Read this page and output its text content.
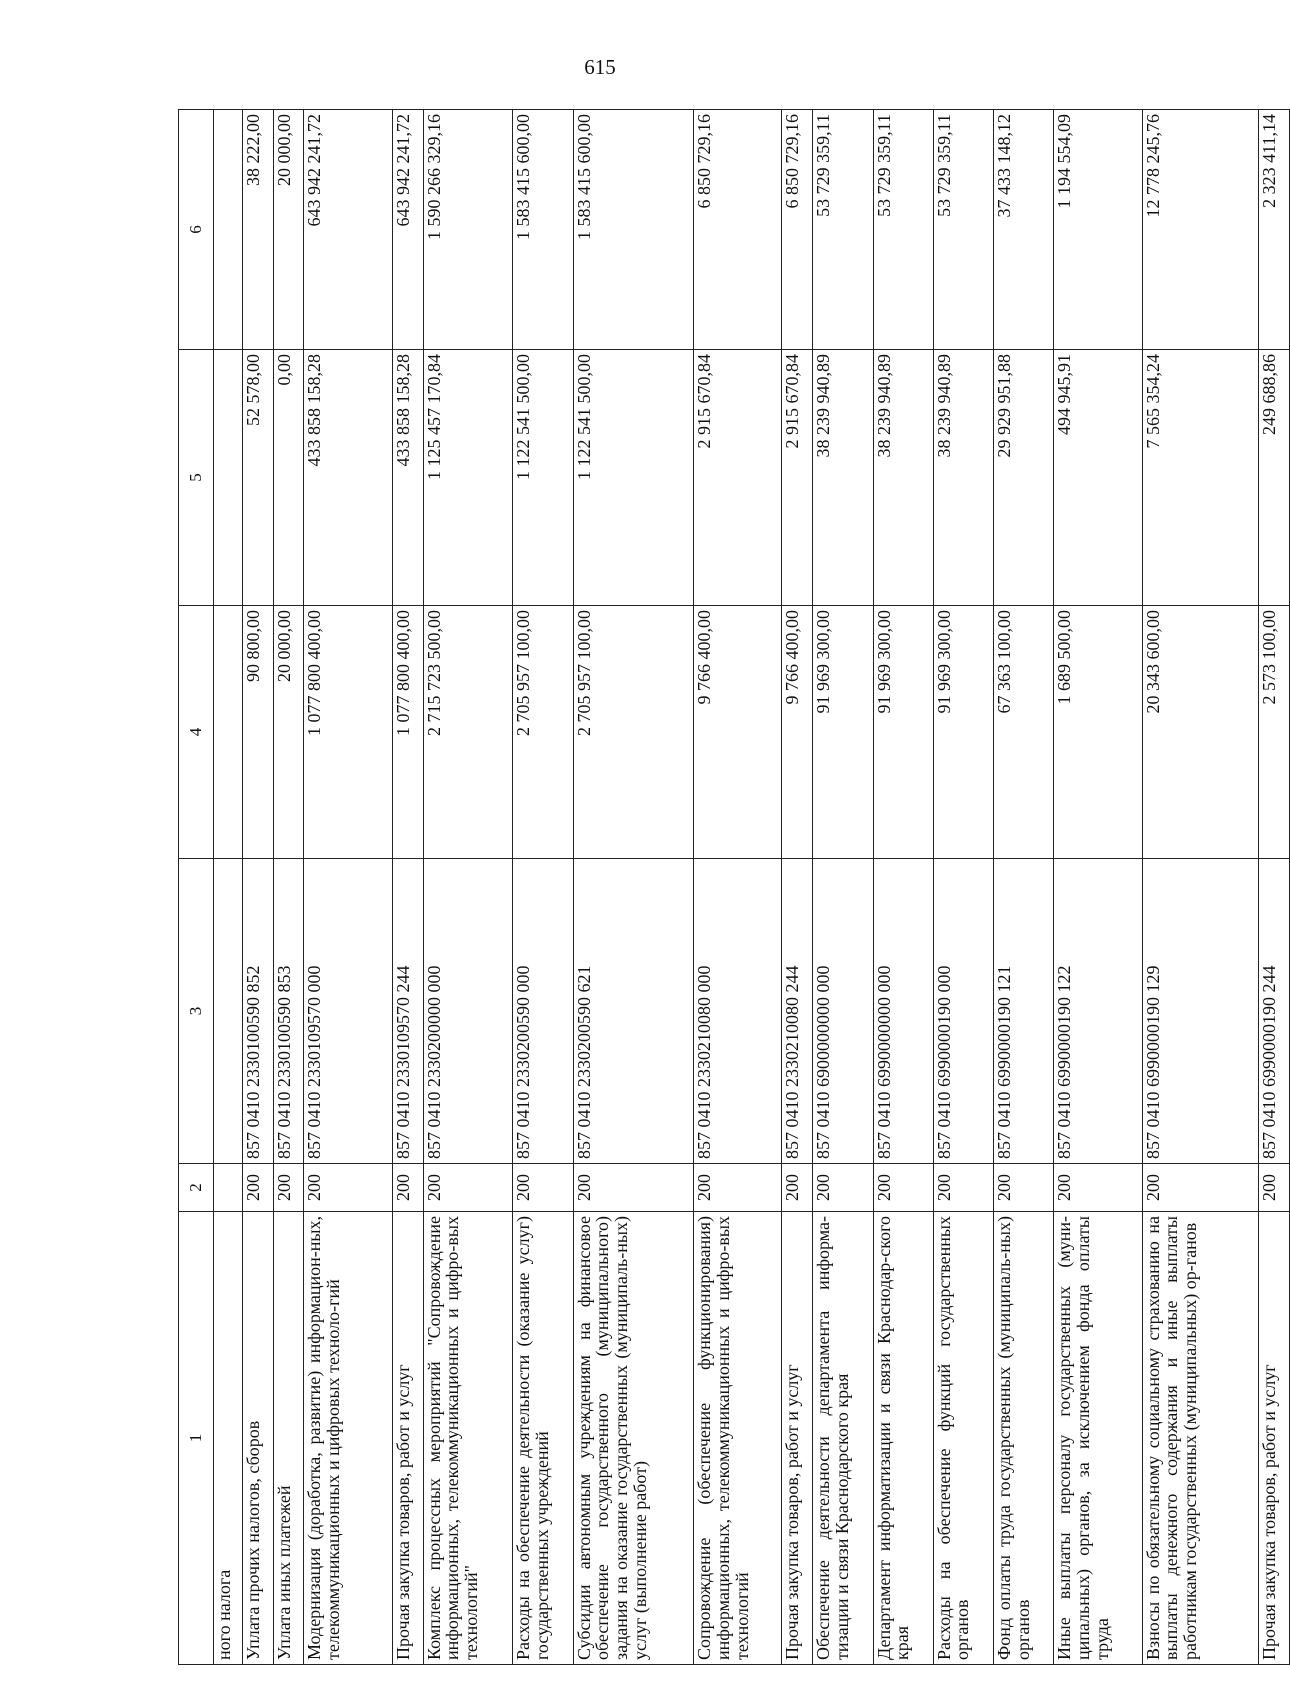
615
1	2	3	4	5	6
ного налога					
Уплата прочих налогов, сборов	200	857 0410 2330100590 852	90 800,00	52 578,00	38 222,00
Уплата иных платежей	200	857 0410 2330100590 853	20 000,00	0,00	20 000,00
Модернизация (доработка, развитие) информацион-ных, телекоммуникационных и цифровых техноло-гий	200	857 0410 2330109570 000	1 077 800 400,00	433 858 158,28	643 942 241,72
Прочая закупка товаров, работ и услуг	200	857 0410 2330109570 244	1 077 800 400,00	433 858 158,28	643 942 241,72
Комплекс процессных мероприятий "Сопровождение информационных, телекоммуникационных и цифро-вых технологий"	200	857 0410 2330200000 000	2 715 723 500,00	1 125 457 170,84	1 590 266 329,16
Расходы на обеспечение деятельности (оказание услуг) государственных учреждений	200	857 0410 2330200590 000	2 705 957 100,00	1 122 541 500,00	1 583 415 600,00
Субсидии автономным учреждениям на финансовое обеспечение государственного (муниципального) задания на оказание государственных (муниципаль-ных) услуг (выполнение работ)	200	857 0410 2330200590 621	2 705 957 100,00	1 122 541 500,00	1 583 415 600,00
Сопровождение (обеспечение функционирования) информационных, телекоммуникационных и цифро-вых технологий	200	857 0410 2330210080 000	9 766 400,00	2 915 670,84	6 850 729,16
Прочая закупка товаров, работ и услуг	200	857 0410 2330210080 244	9 766 400,00	2 915 670,84	6 850 729,16
Обеспечение деятельности департамента информа-тизации и связи Краснодарского края	200	857 0410 6900000000 000	91 969 300,00	38 239 940,89	53 729 359,11
Департамент информатизации и связи Краснодар-ского края	200	857 0410 6990000000 000	91 969 300,00	38 239 940,89	53 729 359,11
Расходы на обеспечение функций государственных органов	200	857 0410 6990000190 000	91 969 300,00	38 239 940,89	53 729 359,11
Фонд оплаты труда государственных (муниципаль-ных) органов	200	857 0410 6990000190 121	67 363 100,00	29 929 951,88	37 433 148,12
Иные выплаты персоналу государственных (муни-ципальных) органов, за исключением фонда оплаты труда	200	857 0410 6990000190 122	1 689 500,00	494 945,91	1 194 554,09
Взносы по обязательному социальному страхованию на выплаты денежного содержания и иные выплаты работникам государственных (муниципальных) ор-ганов	200	857 0410 6990000190 129	20 343 600,00	7 565 354,24	12 778 245,76
Прочая закупка товаров, работ и услуг	200	857 0410 6990000190 244	2 573 100,00	249 688,86	2 323 411,14
